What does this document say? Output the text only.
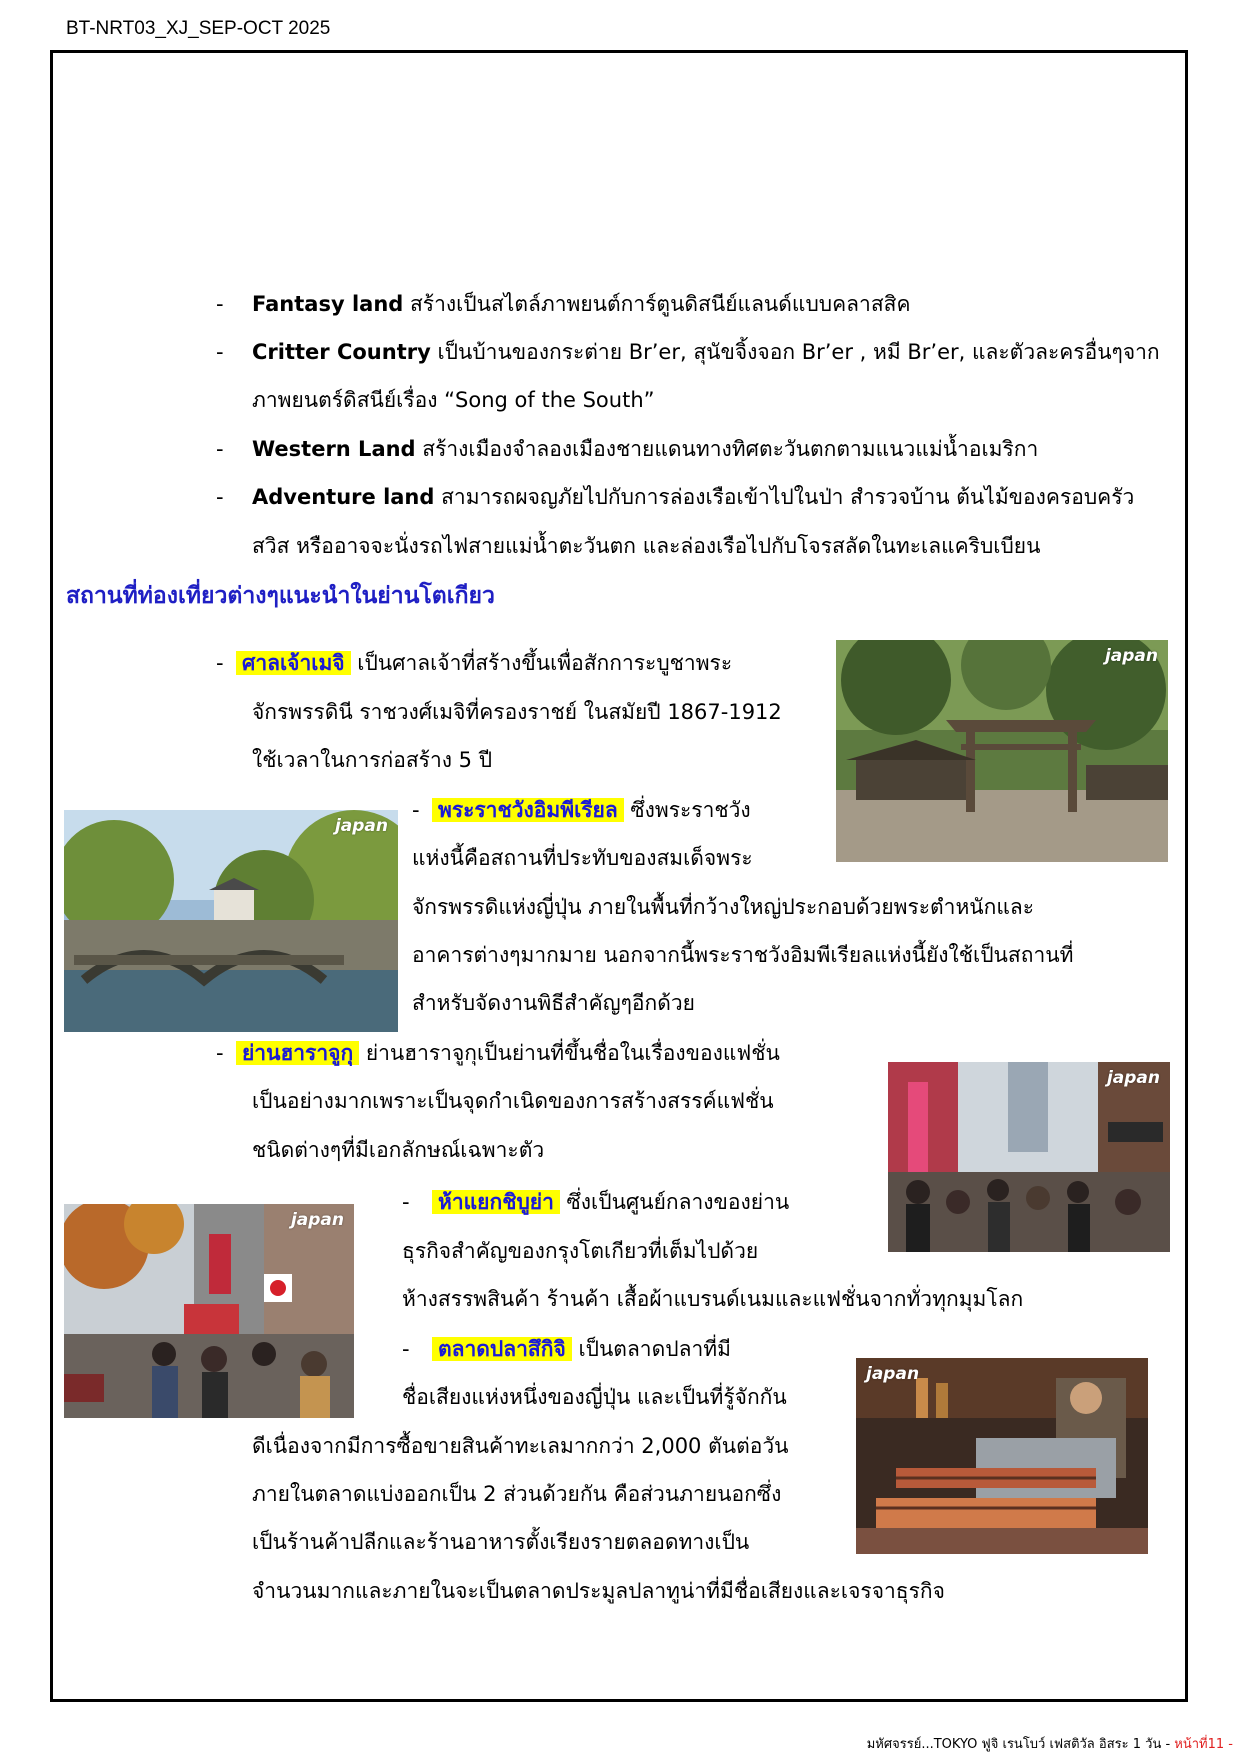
BT-NRT03_XJ_SEP-OCT 2025
- Fantasy land สร้างเป็นสไตล์ภาพยนต์การ์ตูนดิสนีย์แลนด์แบบคลาสสิค
- Critter Country เป็นบ้านของกระต่าย Br’er, สุนัขจิ้งจอก Br’er , หมี Br’er, และตัวละครอื่นๆจาก
ภาพยนตร์ดิสนีย์เรื่อง “Song of the South”
- Western Land สร้างเมืองจำลองเมืองชายแดนทางทิศตะวันตกตามแนวแม่น้ำอเมริกา
- Adventure land สามารถผจญภัยไปกับการล่องเรือเข้าไปในป่า สำรวจบ้าน ต้นไม้ของครอบครัว
สวิส หรืออาจจะนั่งรถไฟสายแม่น้ำตะวันตก และล่องเรือไปกับโจรสลัดในทะเลแคริบเบียน
สถานที่ท่องเที่ยวต่างๆแนะนำในย่านโตเกียว
- ศาลเจ้าเมจิ เป็นศาลเจ้าที่สร้างขึ้นเพื่อสักการะบูชาพระ
จักรพรรดินี ราชวงศ์เมจิที่ครองราชย์ ในสมัยปี 1867-1912
ใช้เวลาในการก่อสร้าง 5 ปี
japan
japan
- พระราชวังอิมพีเรียล ซึ่งพระราชวัง
แห่งนี้คือสถานที่ประทับของสมเด็จพระ
จักรพรรดิแห่งญี่ปุ่น ภายในพื้นที่กว้างใหญ่ประกอบด้วยพระตำหนักและ
อาคารต่างๆมากมาย นอกจากนี้พระราชวังอิมพีเรียลแห่งนี้ยังใช้เป็นสถานที่
สำหรับจัดงานพิธีสำคัญๆอีกด้วย
- ย่านฮาราจูกุ ย่านฮาราจูกุเป็นย่านที่ขึ้นชื่อในเรื่องของแฟชั่น
เป็นอย่างมากเพราะเป็นจุดกำเนิดของการสร้างสรรค์แฟชั่น
ชนิดต่างๆที่มีเอกลักษณ์เฉพาะตัว
japan
japan
- ห้าแยกชิบูย่า ซึ่งเป็นศูนย์กลางของย่าน
ธุรกิจสำคัญของกรุงโตเกียวที่เต็มไปด้วย
ห้างสรรพสินค้า ร้านค้า เสื้อผ้าแบรนด์เนมและแฟชั่นจากทั่วทุกมุมโลก
- ตลาดปลาสึกิจิ เป็นตลาดปลาที่มี
ชื่อเสียงแห่งหนึ่งของญี่ปุ่น และเป็นที่รู้จักกัน
ดีเนื่องจากมีการซื้อขายสินค้าทะเลมากกว่า 2,000 ตันต่อวัน
ภายในตลาดแบ่งออกเป็น 2 ส่วนด้วยกัน คือส่วนภายนอกซึ่ง
เป็นร้านค้าปลีกและร้านอาหารตั้งเรียงรายตลอดทางเป็น
จำนวนมากและภายในจะเป็นตลาดประมูลปลาทูน่าที่มีชื่อเสียงและเจรจาธุรกิจ
japan
มหัศจรรย์...TOKYO ฟูจิ เรนโบว์ เฟสติวัล อิสระ 1 วัน - หน้าที่11 -
